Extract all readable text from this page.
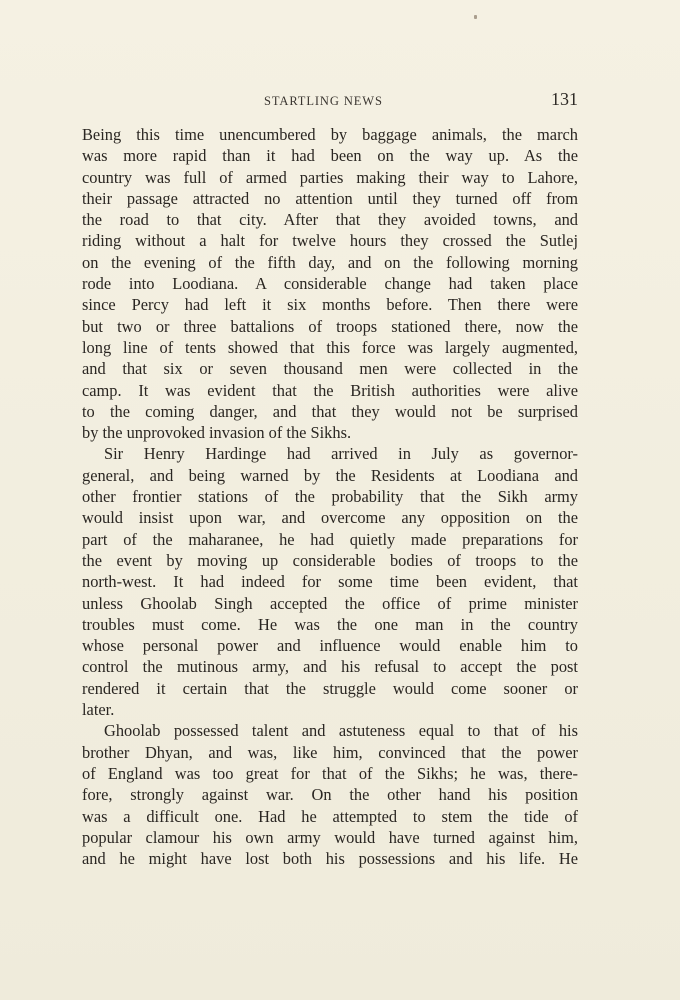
STARTLING NEWS	131
Being this time unencumbered by baggage animals, the march
was more rapid than it had been on the way up. As the
country was full of armed parties making their way to Lahore,
their passage attracted no attention until they turned off from
the road to that city. After that they avoided towns, and
riding without a halt for twelve hours they crossed the Sutlej
on the evening of the fifth day, and on the following morning
rode into Loodiana. A considerable change had taken place
since Percy had left it six months before. Then there were
but two or three battalions of troops stationed there, now the
long line of tents showed that this force was largely augmented,
and that six or seven thousand men were collected in the
camp. It was evident that the British authorities were alive
to the coming danger, and that they would not be surprised
by the unprovoked invasion of the Sikhs.
Sir Henry Hardinge had arrived in July as governor-
general, and being warned by the Residents at Loodiana and
other frontier stations of the probability that the Sikh army
would insist upon war, and overcome any opposition on the
part of the maharanee, he had quietly made preparations for
the event by moving up considerable bodies of troops to the
north-west. It had indeed for some time been evident, that
unless Ghoolab Singh accepted the office of prime minister
troubles must come. He was the one man in the country
whose personal power and influence would enable him to
control the mutinous army, and his refusal to accept the post
rendered it certain that the struggle would come sooner or
later.
Ghoolab possessed talent and astuteness equal to that of his
brother Dhyan, and was, like him, convinced that the power
of England was too great for that of the Sikhs; he was, there-
fore, strongly against war. On the other hand his position
was a difficult one. Had he attempted to stem the tide of
popular clamour his own army would have turned against him,
and he might have lost both his possessions and his life. He
